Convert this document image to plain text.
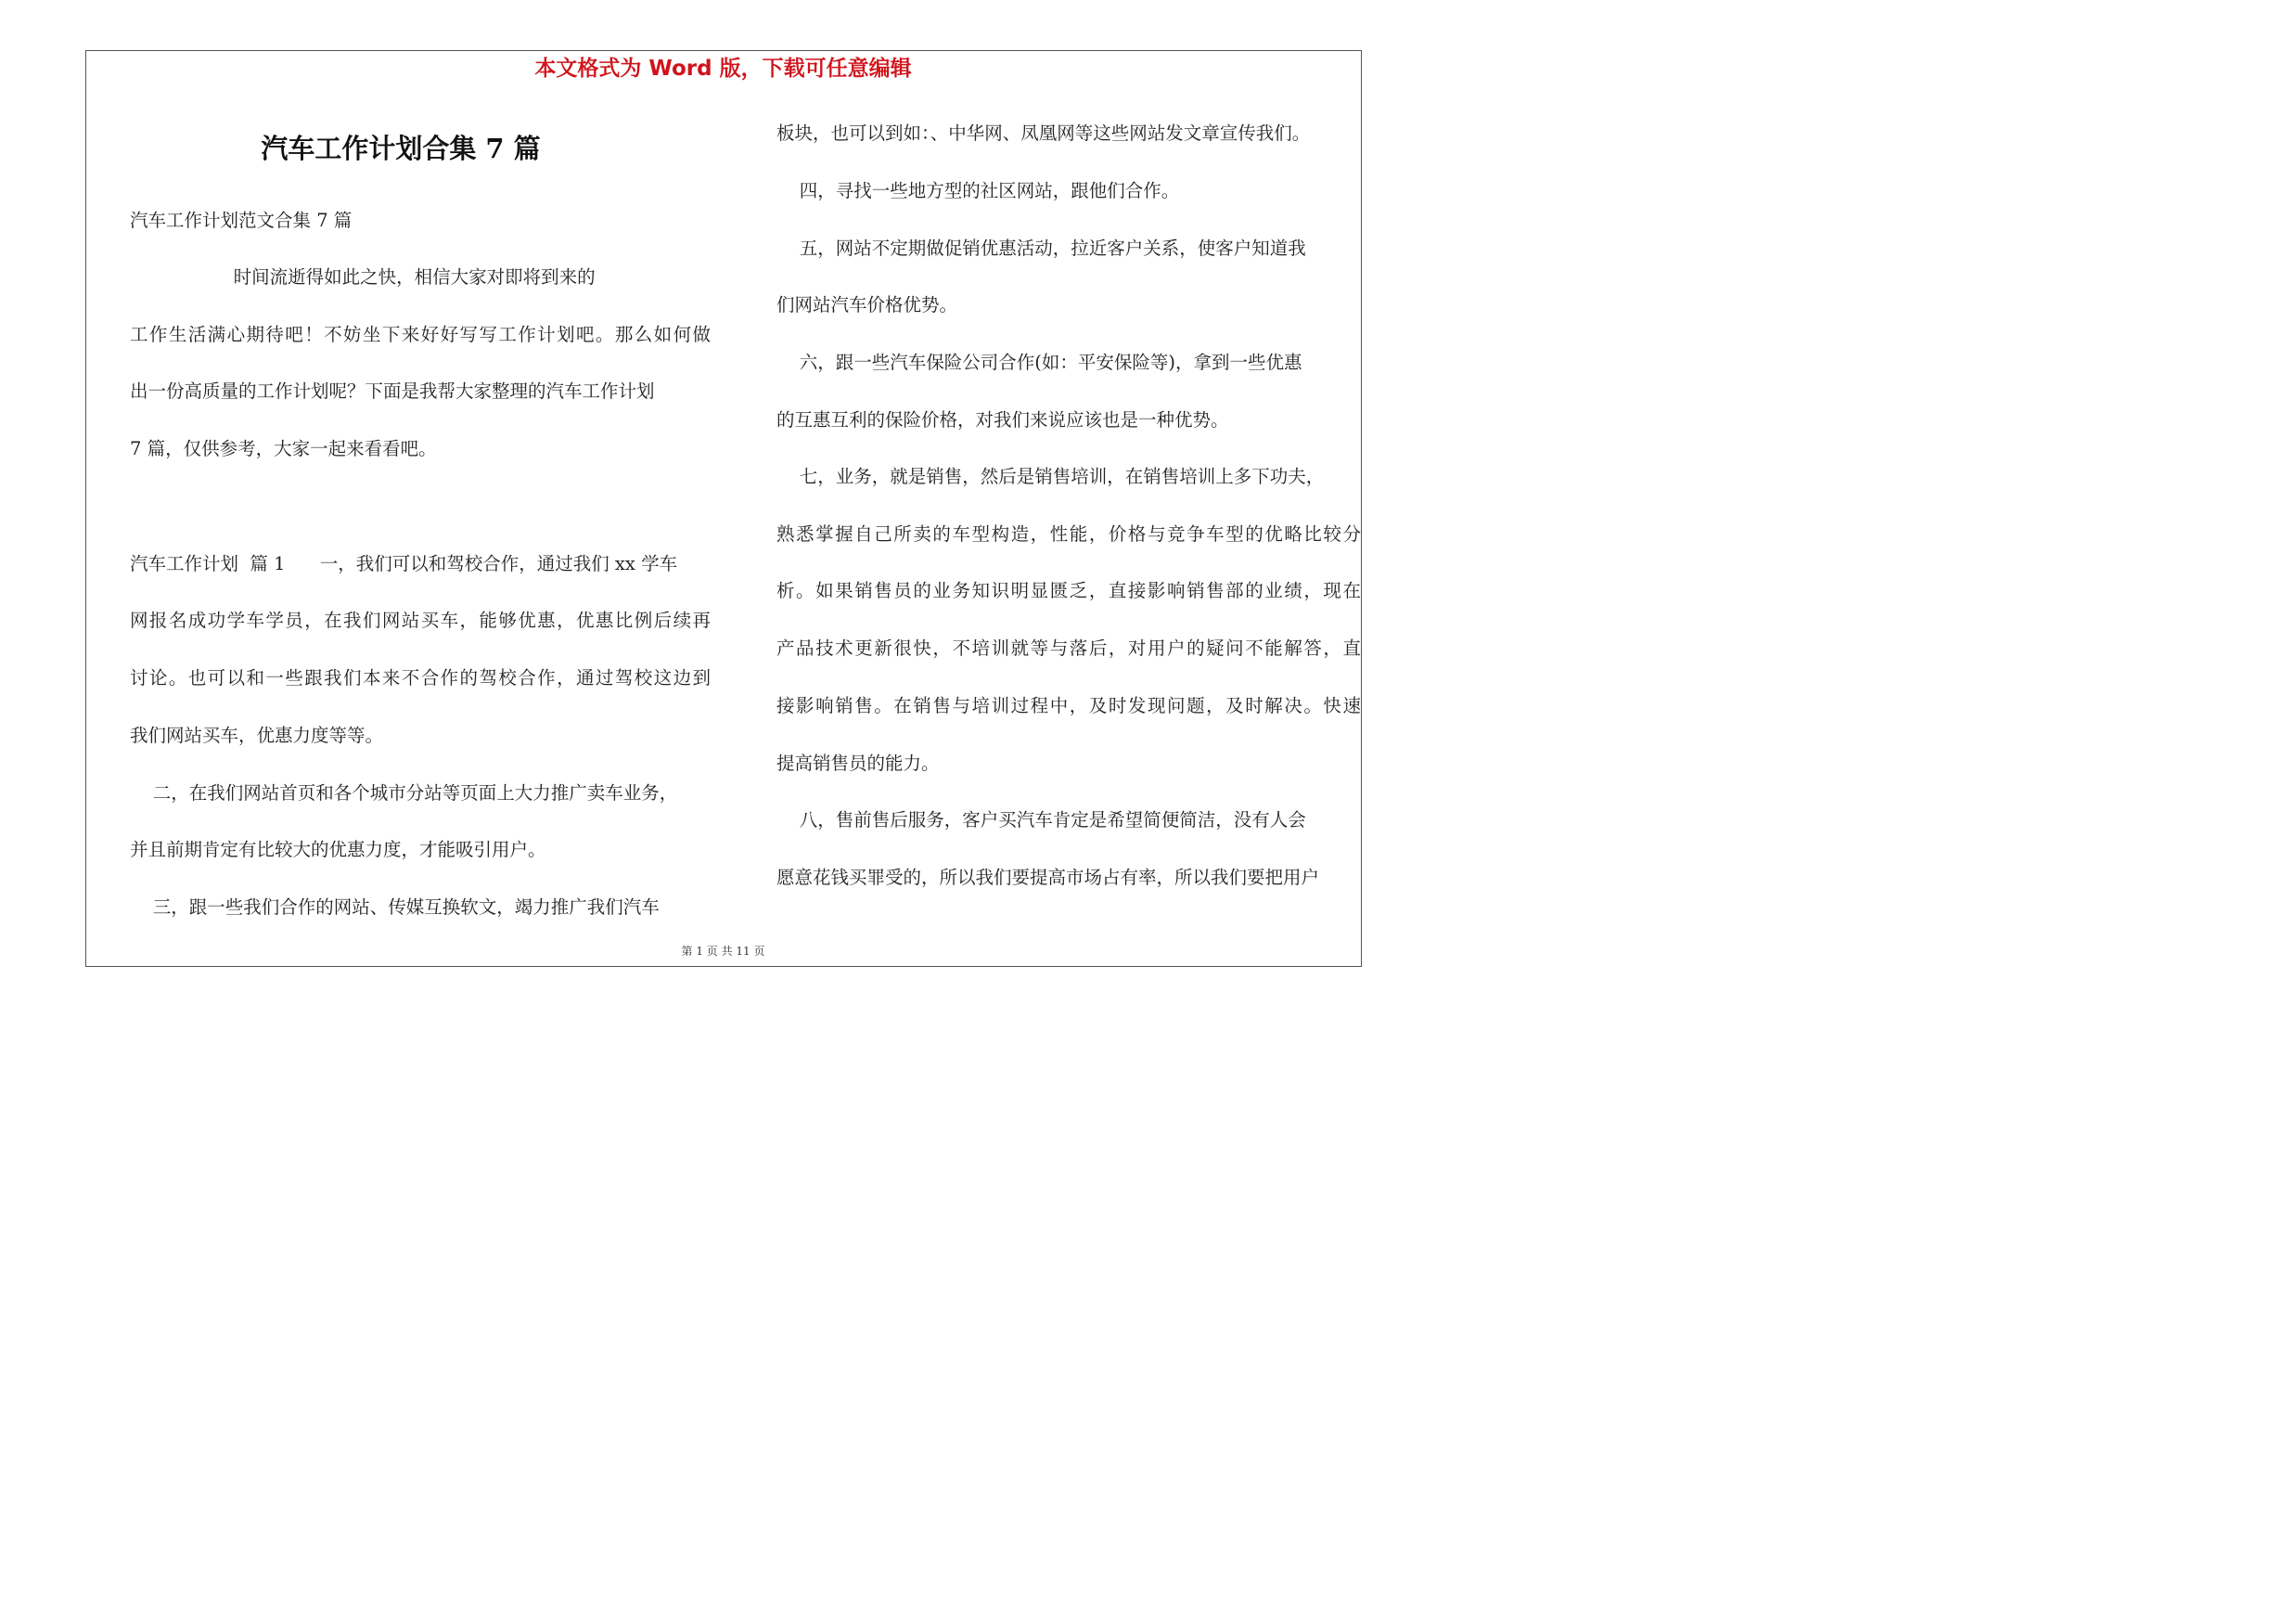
本文格式为 Word 版，下载可任意编辑
汽车工作计划合集 7 篇
汽车工作计划范文合集 7 篇
时间流逝得如此之快，相信大家对即将到来的
工作生活满心期待吧！不妨坐下来好好写写工作计划吧。那么如何做
出一份高质量的工作计划呢？下面是我帮大家整理的汽车工作计划
7 篇，仅供参考，大家一起来看看吧。
汽车工作计划  篇 1      一，我们可以和驾校合作，通过我们 xx 学车
网报名成功学车学员，在我们网站买车，能够优惠，优惠比例后续再
讨论。也可以和一些跟我们本来不合作的驾校合作，通过驾校这边到
我们网站买车，优惠力度等等。
二，在我们网站首页和各个城市分站等页面上大力推广卖车业务，
并且前期肯定有比较大的优惠力度，才能吸引用户。
三，跟一些我们合作的网站、传媒互换软文，竭力推广我们汽车
板块，也可以到如：、中华网、凤凰网等这些网站发文章宣传我们。
四，寻找一些地方型的社区网站，跟他们合作。
五，网站不定期做促销优惠活动，拉近客户关系，使客户知道我
们网站汽车价格优势。
六，跟一些汽车保险公司合作(如：平安保险等)，拿到一些优惠
的互惠互利的保险价格，对我们来说应该也是一种优势。
七，业务，就是销售，然后是销售培训，在销售培训上多下功夫，
熟悉掌握自己所卖的车型构造，性能，价格与竞争车型的优略比较分
析。如果销售员的业务知识明显匮乏，直接影响销售部的业绩，现在
产品技术更新很快，不培训就等与落后，对用户的疑问不能解答，直
接影响销售。在销售与培训过程中，及时发现问题，及时解决。快速
提高销售员的能力。
八，售前售后服务，客户买汽车肯定是希望简便简洁，没有人会
愿意花钱买罪受的，所以我们要提高市场占有率，所以我们要把用户
第 1 页 共 11 页
